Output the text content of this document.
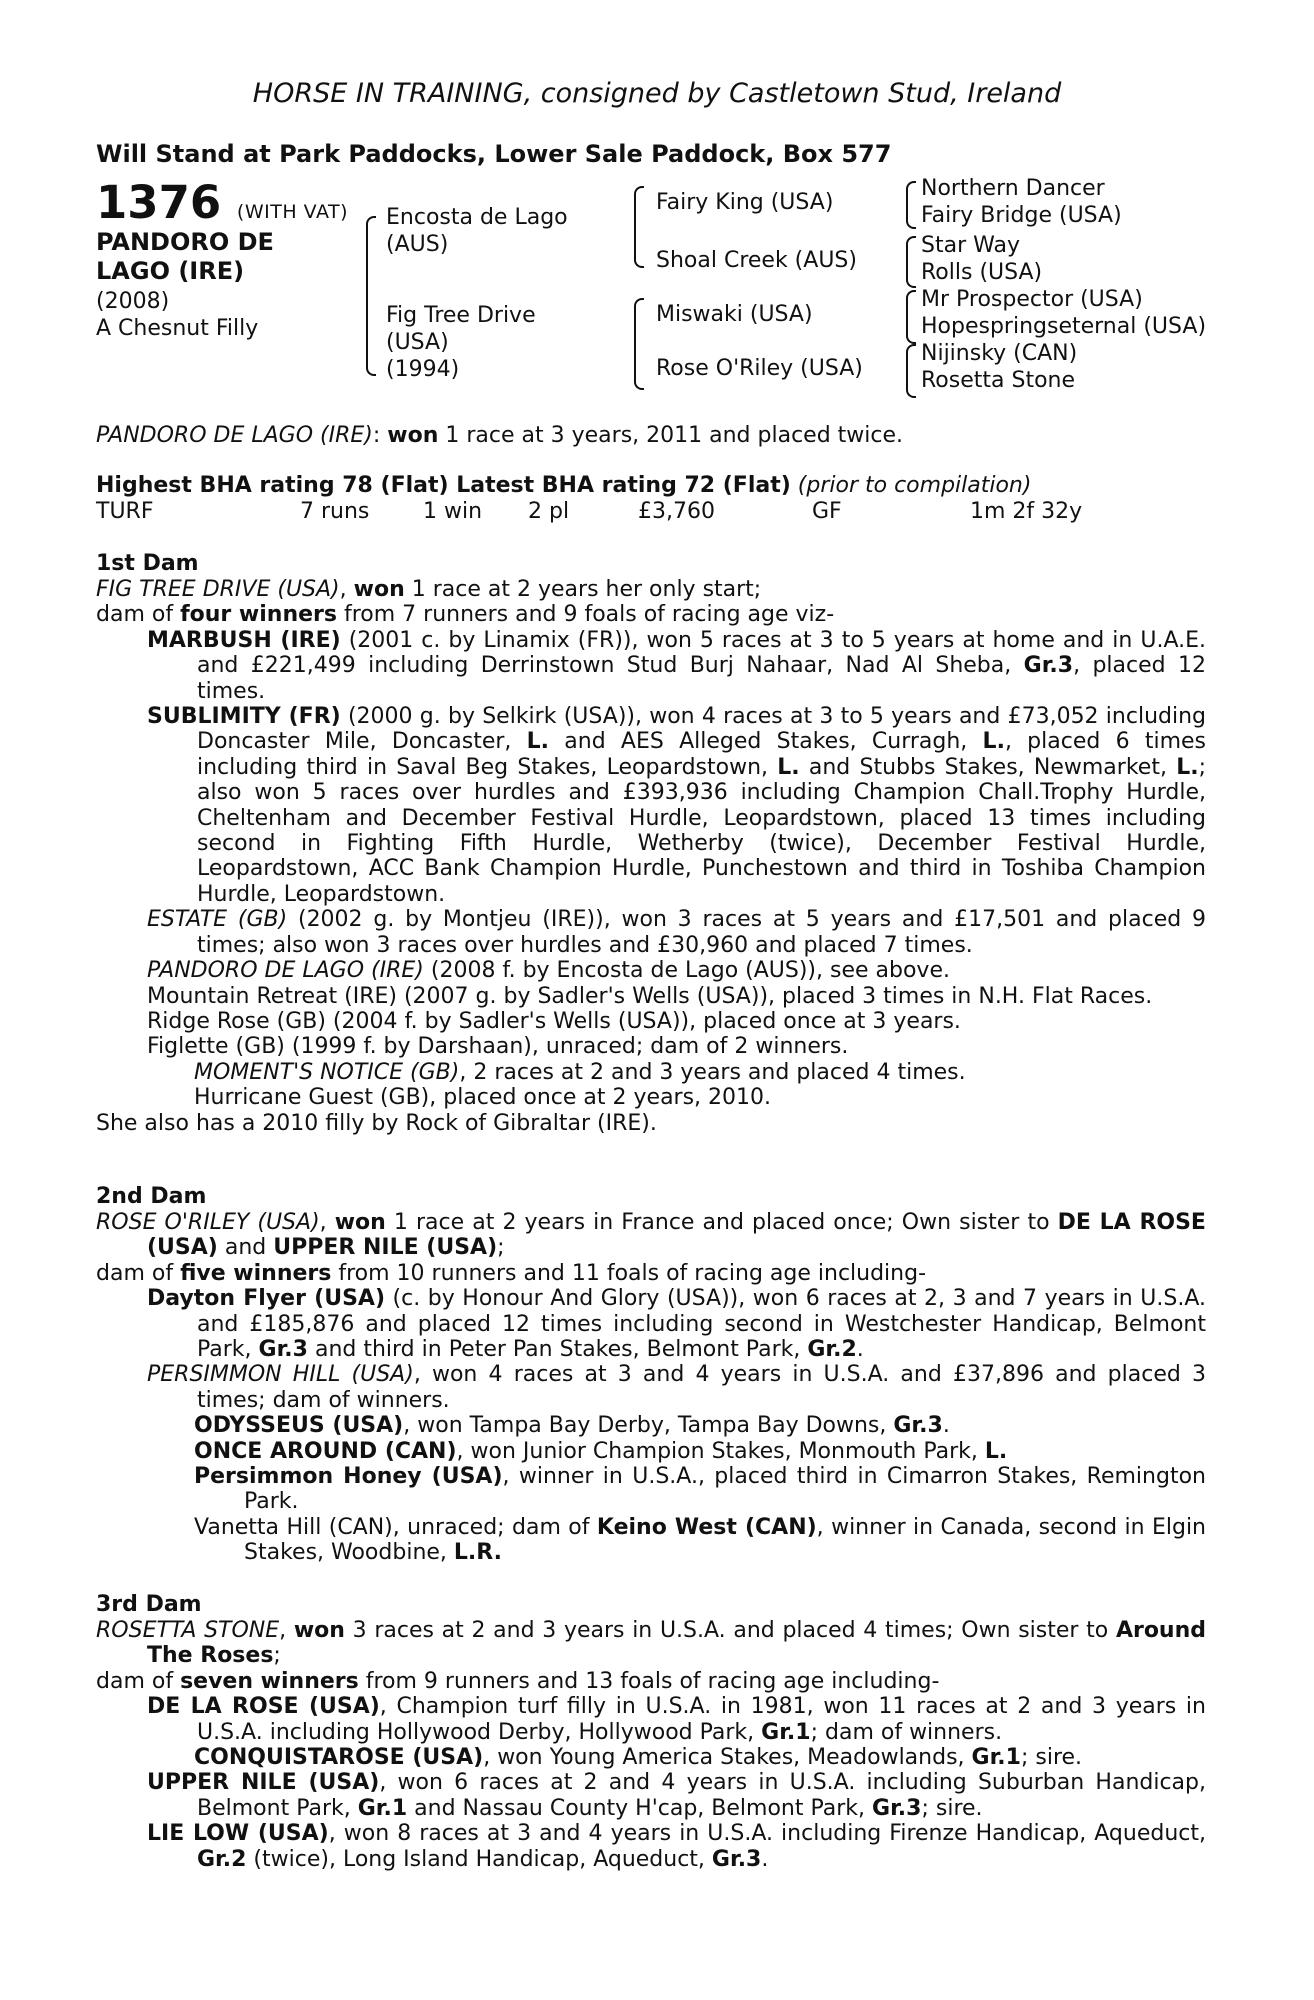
HORSE IN TRAINING, consigned by Castletown Stud, Ireland
Will Stand at Park Paddocks, Lower Sale Paddock, Box 577
1376 (WITH VAT)
PANDORO DE LAGO (IRE)
(2008)
A Chesnut Filly
Encosta de Lago
(AUS)
Fig Tree Drive
(USA)
(1994)
Fairy King (USA)
Shoal Creek (AUS)
Miswaki (USA)
Rose O'Riley (USA)
Northern Dancer
Fairy Bridge (USA)
Star Way
Rolls (USA)
Mr Prospector (USA)
Hopespringseternal (USA)
Nijinsky (CAN)
Rosetta Stone
PANDORO DE LAGO (IRE): won 1 race at 3 years, 2011 and placed twice.
Highest BHA rating 78 (Flat) Latest BHA rating 72 (Flat) (prior to compilation)
TURF	7 runs 1 win 2 pl	£3,760	GF	1m 2f 32y
1st Dam

FIG TREE DRIVE (USA), won 1 race at 2 years her only start;

dam of four winners from 7 runners and 9 foals of racing age viz-

MARBUSH (IRE) (2001 c. by Linamix (FR)), won 5 races at 3 to 5 years at home and in U.A.E. and £221,499 including Derrinstown Stud Burj Nahaar, Nad Al Sheba, Gr.3, placed 12 times.

SUBLIMITY (FR) (2000 g. by Selkirk (USA)), won 4 races at 3 to 5 years and £73,052 including Doncaster Mile, Doncaster, L. and AES Alleged Stakes, Curragh, L., placed 6 times including third in Saval Beg Stakes, Leopardstown, L. and Stubbs Stakes, Newmarket, L.; also won 5 races over hurdles and £393,936 including Champion Chall.Trophy Hurdle, Cheltenham and December Festival Hurdle, Leopardstown, placed 13 times including second in Fighting Fifth Hurdle, Wetherby (twice), December Festival Hurdle, Leopardstown, ACC Bank Champion Hurdle, Punchestown and third in Toshiba Champion Hurdle, Leopardstown.

ESTATE (GB) (2002 g. by Montjeu (IRE)), won 3 races at 5 years and £17,501 and placed 9 times; also won 3 races over hurdles and £30,960 and placed 7 times.

PANDORO DE LAGO (IRE) (2008 f. by Encosta de Lago (AUS)), see above.

Mountain Retreat (IRE) (2007 g. by Sadler's Wells (USA)), placed 3 times in N.H. Flat Races.

Ridge Rose (GB) (2004 f. by Sadler's Wells (USA)), placed once at 3 years.

Figlette (GB) (1999 f. by Darshaan), unraced; dam of 2 winners.

MOMENT'S NOTICE (GB), 2 races at 2 and 3 years and placed 4 times.

Hurricane Guest (GB), placed once at 2 years, 2010.

She also has a 2010 filly by Rock of Gibraltar (IRE).

2nd Dam

ROSE O'RILEY (USA), won 1 race at 2 years in France and placed once; Own sister to DE LA ROSE (USA) and UPPER NILE (USA);

dam of five winners from 10 runners and 11 foals of racing age including-

Dayton Flyer (USA) (c. by Honour And Glory (USA)), won 6 races at 2, 3 and 7 years in U.S.A. and £185,876 and placed 12 times including second in Westchester Handicap, Belmont Park, Gr.3 and third in Peter Pan Stakes, Belmont Park, Gr.2.

PERSIMMON HILL (USA), won 4 races at 3 and 4 years in U.S.A. and £37,896 and placed 3 times; dam of winners.

ODYSSEUS (USA), won Tampa Bay Derby, Tampa Bay Downs, Gr.3.

ONCE AROUND (CAN), won Junior Champion Stakes, Monmouth Park, L.

Persimmon Honey (USA), winner in U.S.A., placed third in Cimarron Stakes, Remington Park.

Vanetta Hill (CAN), unraced; dam of Keino West (CAN), winner in Canada, second in Elgin Stakes, Woodbine, L.R.

3rd Dam

ROSETTA STONE, won 3 races at 2 and 3 years in U.S.A. and placed 4 times; Own sister to Around The Roses;

dam of seven winners from 9 runners and 13 foals of racing age including-

DE LA ROSE (USA), Champion turf filly in U.S.A. in 1981, won 11 races at 2 and 3 years in U.S.A. including Hollywood Derby, Hollywood Park, Gr.1; dam of winners.

CONQUISTAROSE (USA), won Young America Stakes, Meadowlands, Gr.1; sire.

UPPER NILE (USA), won 6 races at 2 and 4 years in U.S.A. including Suburban Handicap, Belmont Park, Gr.1 and Nassau County H'cap, Belmont Park, Gr.3; sire.

LIE LOW (USA), won 8 races at 3 and 4 years in U.S.A. including Firenze Handicap, Aqueduct, Gr.2 (twice), Long Island Handicap, Aqueduct, Gr.3.
